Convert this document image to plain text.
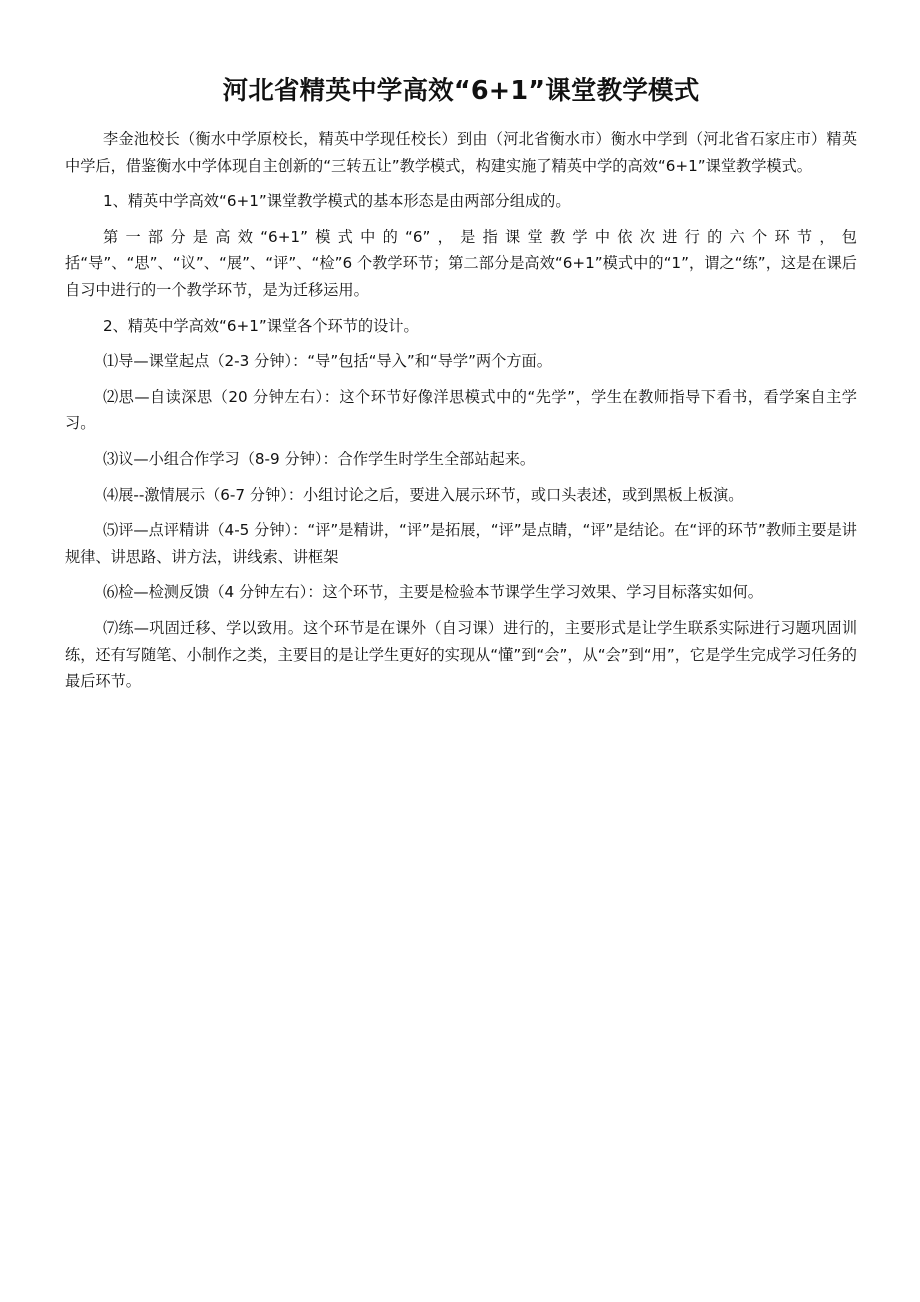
河北省精英中学高效“6+1”课堂教学模式

李金池校长（衡水中学原校长，精英中学现任校长）到由（河北省衡水市）衡水中学到（河北省石家庄市）精英中学后，借鉴衡水中学体现自主创新的“三转五让”教学模式，构建实施了精英中学的高效“6+1”课堂教学模式。

1、精英中学高效“6+1”课堂教学模式的基本形态是由两部分组成的。

第一部分是高效“6+1”模式中的“6”，是指课堂教学中依次进行的六个环节，包括“导”、“思”、“议”、“展”、“评”、“检”6 个教学环节；第二部分是高效“6+1”模式中的“1”，谓之“练”，这是在课后自习中进行的一个教学环节，是为迁移运用。

2、精英中学高效“6+1”课堂各个环节的设计。

⑴导—课堂起点（2-3 分钟）：“导”包括“导入”和“导学”两个方面。

⑵思—自读深思（20 分钟左右）：这个环节好像洋思模式中的“先学”，学生在教师指导下看书，看学案自主学习。

⑶议—小组合作学习（8-9 分钟）：合作学生时学生全部站起来。

⑷展--激情展示（6-7 分钟）：小组讨论之后，要进入展示环节，或口头表述，或到黑板上板演。

⑸评—点评精讲（4-5 分钟）：“评”是精讲，“评”是拓展，“评”是点睛，“评”是结论。在“评的环节”教师主要是讲规律、讲思路、讲方法，讲线索、讲框架

⑹检—检测反馈（4 分钟左右）：这个环节，主要是检验本节课学生学习效果、学习目标落实如何。

⑺练—巩固迁移、学以致用。这个环节是在课外（自习课）进行的，主要形式是让学生联系实际进行习题巩固训练，还有写随笔、小制作之类，主要目的是让学生更好的实现从“懂”到“会”，从“会”到“用”，它是学生完成学习任务的最后环节。
